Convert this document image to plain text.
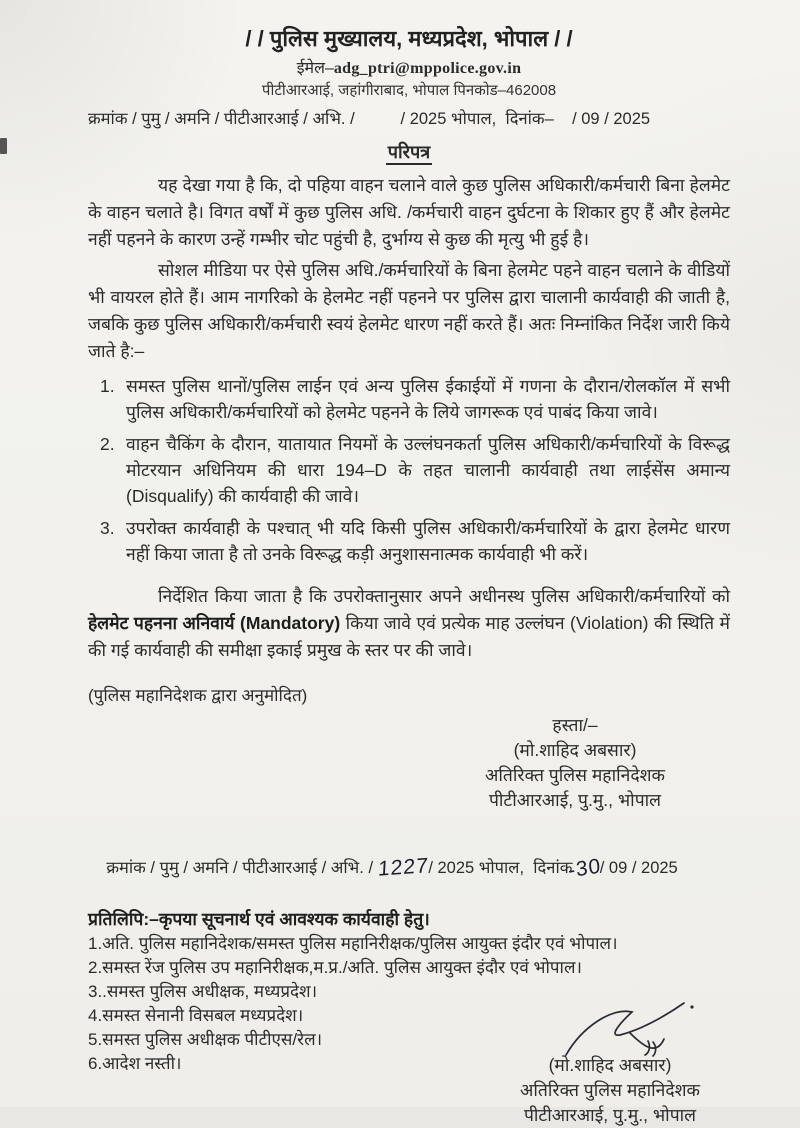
/ / पुलिस मुख्यालय, मध्यप्रदेश, भोपाल / /
ईमेल–adg_ptri@mppolice.gov.in
पीटीआरआई, जहांगीराबाद, भोपाल पिनकोड–462008
क्रमांक / पुमु / अमनि / पीटीआरआई / अभि. /          / 2025 भोपाल,  दिनांक–    / 09 / 2025
परिपत्र

यह देखा गया है कि, दो पहिया वाहन चलाने वाले कुछ पुलिस अधिकारी/कर्मचारी बिना हेलमेट के वाहन चलाते है। विगत वर्षों में कुछ पुलिस अधि. /कर्मचारी वाहन दुर्घटना के शिकार हुए हैं और हेलमेट नहीं पहनने के कारण उन्हें गम्भीर चोट पहुंची है, दुर्भाग्य से कुछ की मृत्यु भी हुई है।

सोशल मीडिया पर ऐसे पुलिस अधि./कर्मचारियों के बिना हेलमेट पहने वाहन चलाने के वीडियों भी वायरल होते हैं। आम नागरिको के हेलमेट नहीं पहनने पर पुलिस द्वारा चालानी कार्यवाही की जाती है, जबकि कुछ पुलिस अधिकारी/कर्मचारी स्वयं हेलमेट धारण नहीं करते हैं। अतः निम्नांकित निर्देश जारी किये जाते है:–

1. समस्त पुलिस थानों/पुलिस लाईन एवं अन्य पुलिस ईकाईयों में गणना के दौरान/रोलकॉल में सभी पुलिस अधिकारी/कर्मचारियों को हेलमेट पहनने के लिये जागरूक एवं पाबंद किया जावे।
2. वाहन चैकिंग के दौरान, यातायात नियमों के उल्लंघनकर्ता पुलिस अधिकारी/कर्मचारियों के विरूद्ध मोटरयान अधिनियम की धारा 194–D के तहत चालानी कार्यवाही तथा लाईसेंस अमान्य (Disqualify) की कार्यवाही की जावे।
3. उपरोक्त कार्यवाही के पश्चात् भी यदि किसी पुलिस अधिकारी/कर्मचारियों के द्वारा हेलमेट धारण नहीं किया जाता है तो उनके विरूद्ध कड़ी अनुशासनात्मक कार्यवाही भी करें।

निर्देशित किया जाता है कि उपरोक्तानुसार अपने अधीनस्थ पुलिस अधिकारी/कर्मचारियों को हेलमेट पहनना अनिवार्य (Mandatory) किया जावे एवं प्रत्येक माह उल्लंघन (Violation) की स्थिति में की गई कार्यवाही की समीक्षा इकाई प्रमुख के स्तर पर की जावे।

(पुलिस महानिदेशक द्वारा अनुमोदित)
हस्ता/–
(मो.शाहिद अबसार)
अतिरिक्त पुलिस महानिदेशक
पीटीआरआई, पु.मु., भोपाल

क्रमांक / पुमु / अमनि / पीटीआरआई / अभि. / 1227/ 2025 भोपाल,  दिनांक-30/ 09 / 2025

प्रतिलिपि:–कृपया सूचनार्थ एवं आवश्यक कार्यवाही हेतु।
1.अति. पुलिस महानिदेशक/समस्त पुलिस महानिरीक्षक/पुलिस आयुक्त इंदौर एवं भोपाल।
2.समस्त रेंज पुलिस उप महानिरीक्षक,म.प्र./अति. पुलिस आयुक्त इंदौर एवं भोपाल।
3..समस्त पुलिस अधीक्षक, मध्यप्रदेश।
4.समस्त सेनानी विसबल मध्यप्रदेश।
5.समस्त पुलिस अधीक्षक पीटीएस/रेल।
6.आदेश नस्ती।	(मो.शाहिद अबसार)
अतिरिक्त पुलिस महानिदेशक
पीटीआरआई, पु.मु., भोपाल
